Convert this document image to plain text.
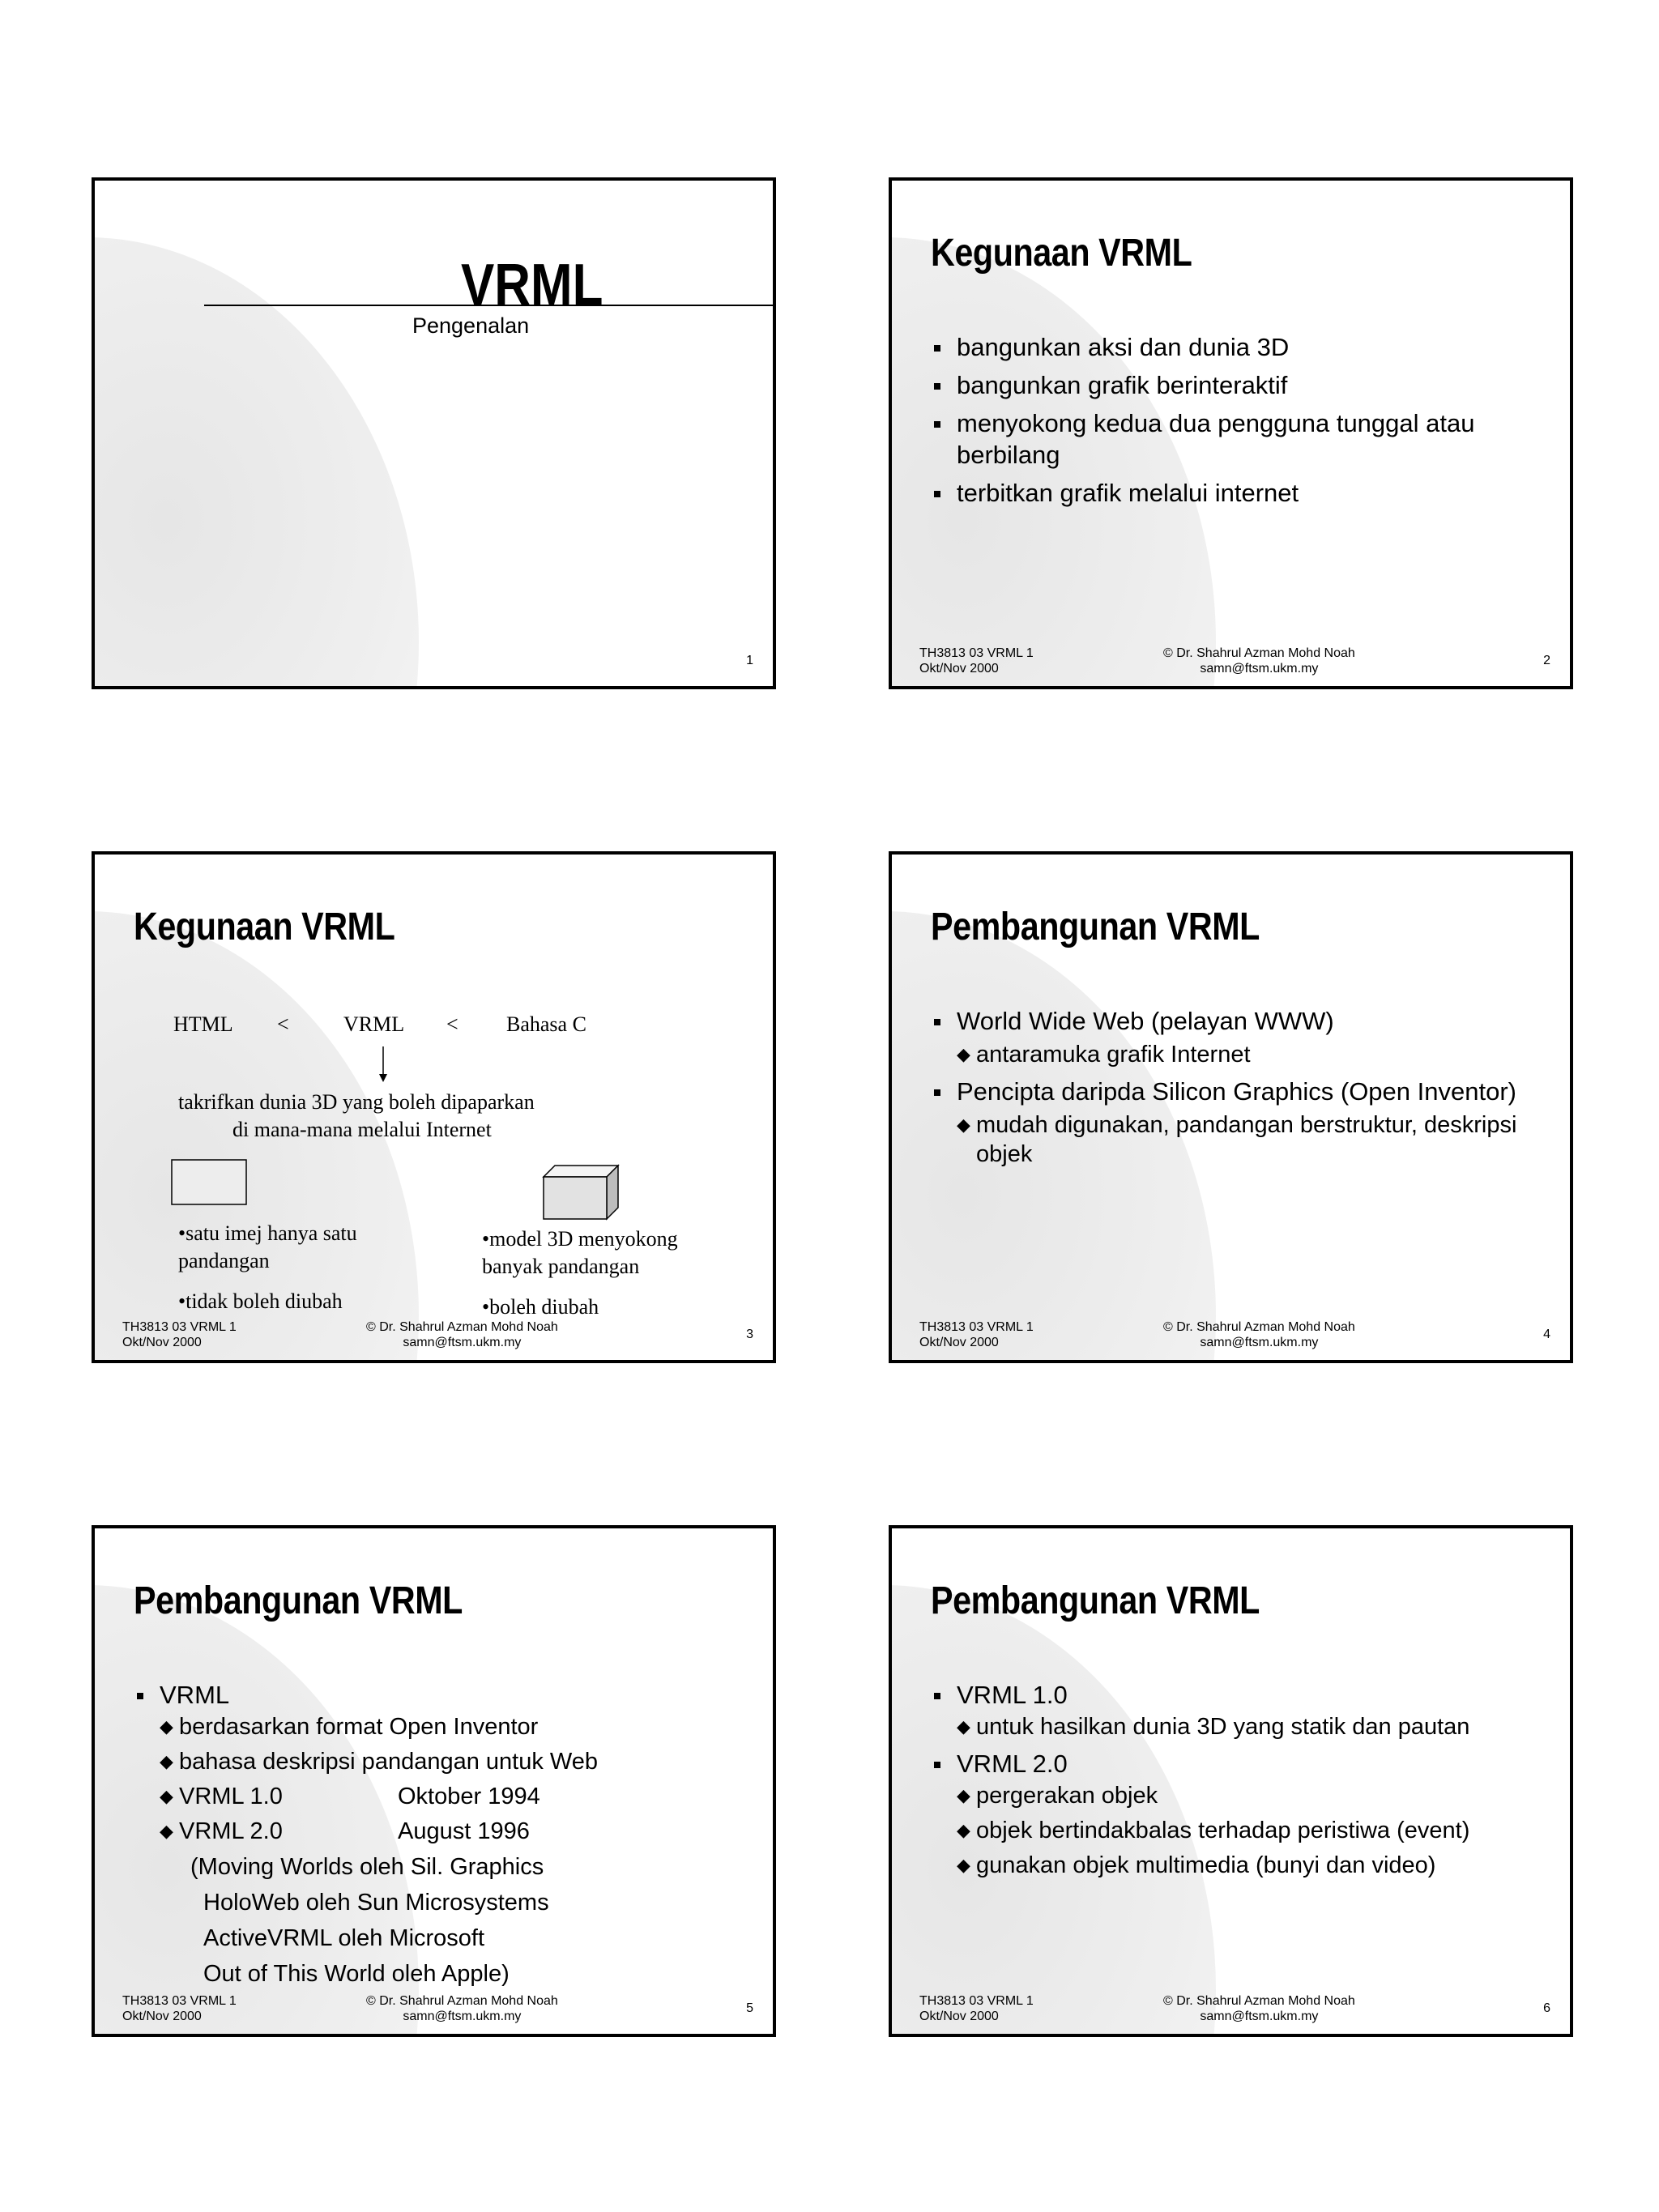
VRML
Pengenalan
1
Kegunaan VRML
bangunkan aksi dan dunia 3D
bangunkan grafik berinteraktif
menyokong kedua dua pengguna tunggal atau berbilang
terbitkan grafik melalui internet
TH3813 03 VRML 1
Okt/Nov 2000
© Dr. Shahrul Azman Mohd Noah
samn@ftsm.ukm.my
2
Kegunaan VRML
HTML <	VRML < Bahasa C
takrifkan dunia 3D yang boleh dipaparkan
di mana-mana melalui Internet
•satu imej hanya satu
pandangan
•tidak boleh diubah
•model 3D menyokong
banyak pandangan
•boleh diubah
TH3813 03 VRML 1
Okt/Nov 2000
© Dr. Shahrul Azman Mohd Noah
samn@ftsm.ukm.my
3
Pembangunan VRML
World Wide Web (pelayan WWW)
◆ antaramuka grafik Internet
Pencipta daripda Silicon Graphics (Open Inventor)
◆ mudah digunakan, pandangan berstruktur, deskripsi objek
TH3813 03 VRML 1
Okt/Nov 2000
© Dr. Shahrul Azman Mohd Noah
samn@ftsm.ukm.my
4
Pembangunan VRML
VRML
◆ berdasarkan format Open Inventor
◆ bahasa deskripsi pandangan untuk Web
◆ VRML 1.0	Oktober 1994
◆ VRML 2.0	August 1996
(Moving Worlds oleh Sil. Graphics
HoloWeb oleh Sun Microsystems
ActiveVRML oleh Microsoft
Out of This World oleh Apple)
TH3813 03 VRML 1
Okt/Nov 2000
© Dr. Shahrul Azman Mohd Noah
samn@ftsm.ukm.my
5
Pembangunan VRML
VRML 1.0
◆ untuk hasilkan dunia 3D yang statik dan pautan
VRML 2.0
◆ pergerakan objek
◆ objek bertindakbalas terhadap peristiwa (event)
◆ gunakan objek multimedia (bunyi dan video)
TH3813 03 VRML 1
Okt/Nov 2000
© Dr. Shahrul Azman Mohd Noah
samn@ftsm.ukm.my
6
